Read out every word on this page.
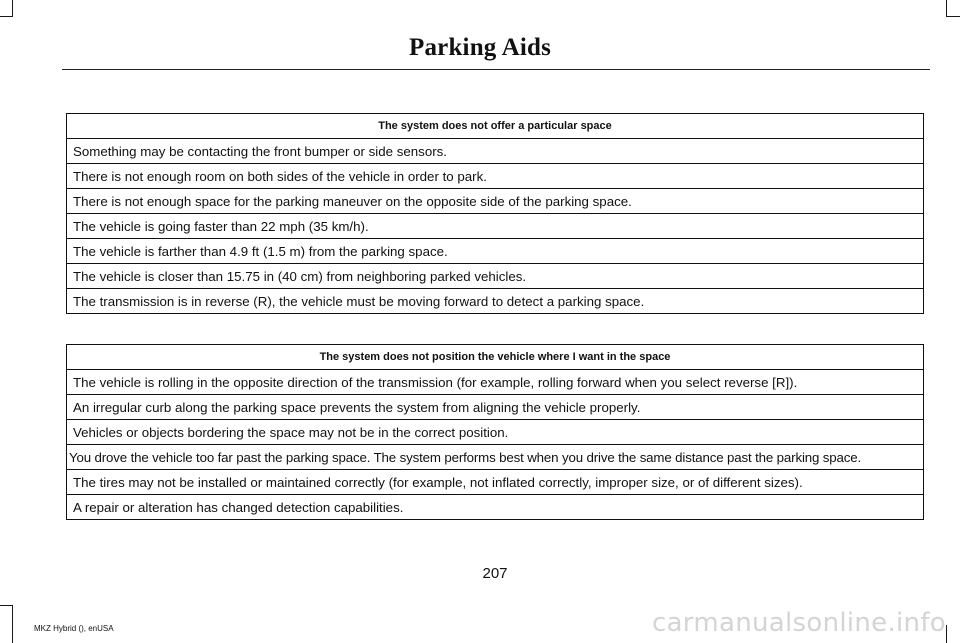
Parking Aids
The system does not offer a particular space
Something may be contacting the front bumper or side sensors.
There is not enough room on both sides of the vehicle in order to park.
There is not enough space for the parking maneuver on the opposite side of the parking space.
The vehicle is going faster than 22 mph (35 km/h).
The vehicle is farther than 4.9 ft (1.5 m) from the parking space.
The vehicle is closer than 15.75 in (40 cm) from neighboring parked vehicles.
The transmission is in reverse (R), the vehicle must be moving forward to detect a parking space.
The system does not position the vehicle where I want in the space
The vehicle is rolling in the opposite direction of the transmission (for example, rolling forward when you select reverse [R]).
An irregular curb along the parking space prevents the system from aligning the vehicle properly.
Vehicles or objects bordering the space may not be in the correct position.
You drove the vehicle too far past the parking space. The system performs best when you drive the same distance past the parking space.
The tires may not be installed or maintained correctly (for example, not inflated correctly, improper size, or of different sizes).
A repair or alteration has changed detection capabilities.
207
MKZ Hybrid (), enUSA	carmanualsonline.info
